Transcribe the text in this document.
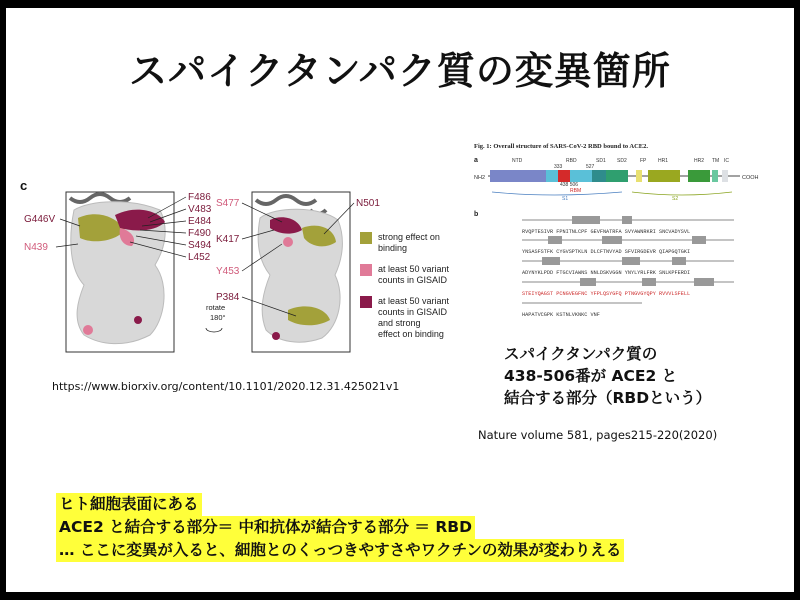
スパイクタンパク質の変異箇所
c
F486
V483
E484
F490
S494
L452
G446V
N439
rotate
180°
S477
K417
Y453
P384
N501
strong effect on
binding
at least 50 variant
counts in GISAID
at least 50 variant
counts in GISAID
and strong
effect on binding
https://www.biorxiv.org/content/10.1101/2020.12.31.425021v1
Fig. 1: Overall structure of SARS-CoV-2 RBD bound to ACE2.
a	NTD	RBD	SD1 SD2	FP HR1	HR2 TM IC
333	527
438 506
RBM
NH2	COOH
S1	S2
b
RVQPTESIVR FPNITNLCPF GEVFNATRFA SVYAWNRKRI SNCVADYSVL
YNSASFSTFK CYGVSPTKLN DLCFTNVYAD SFVIRGDEVR QIAPGQTGKI
ADYNYKLPDD FTGCVIAWNS NNLDSKVGGN YNYLYRLFRK SNLKPFERDI
STEIYQAGST PCNGVEGFNC YFPLQSYGFQ PTNGVGYQPY RVVVLSFELL
HAPATVCGPK KSTNLVKNKC VNF
スパイクタンパク質の
438-506番が ACE2 と
結合する部分（RBDという）
Nature volume 581, pages215-220(2020)
ヒト細胞表面にある
ACE2 と結合する部分＝ 中和抗体が結合する部分 ＝ RBD
… ここに変異が入ると、細胞とのくっつきやすさやワクチンの効果が変わりえる
